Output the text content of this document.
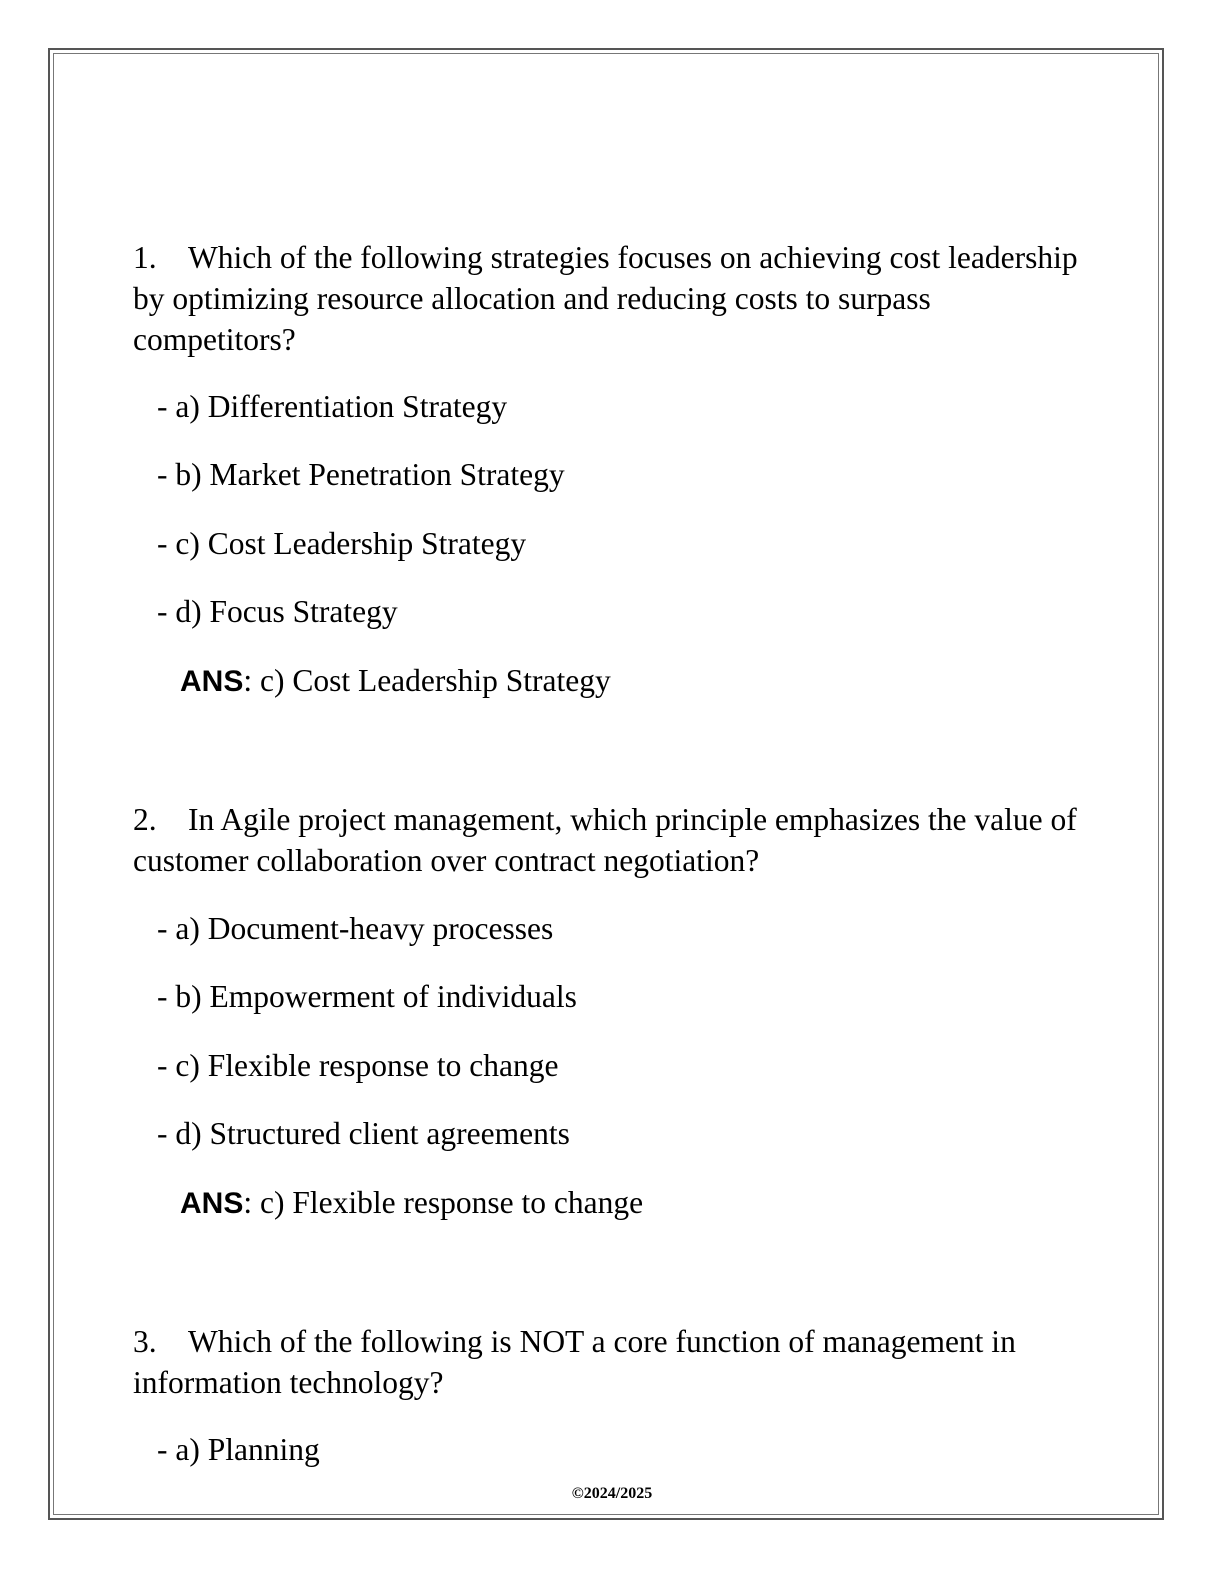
1. Which of the following strategies focuses on achieving cost leadership by optimizing resource allocation and reducing costs to surpass competitors?
- a) Differentiation Strategy
- b) Market Penetration Strategy
- c) Cost Leadership Strategy
- d) Focus Strategy
ANS: c) Cost Leadership Strategy
2. In Agile project management, which principle emphasizes the value of customer collaboration over contract negotiation?
- a) Document-heavy processes
- b) Empowerment of individuals
- c) Flexible response to change
- d) Structured client agreements
ANS: c) Flexible response to change
3. Which of the following is NOT a core function of management in information technology?
- a) Planning
©2024/2025
